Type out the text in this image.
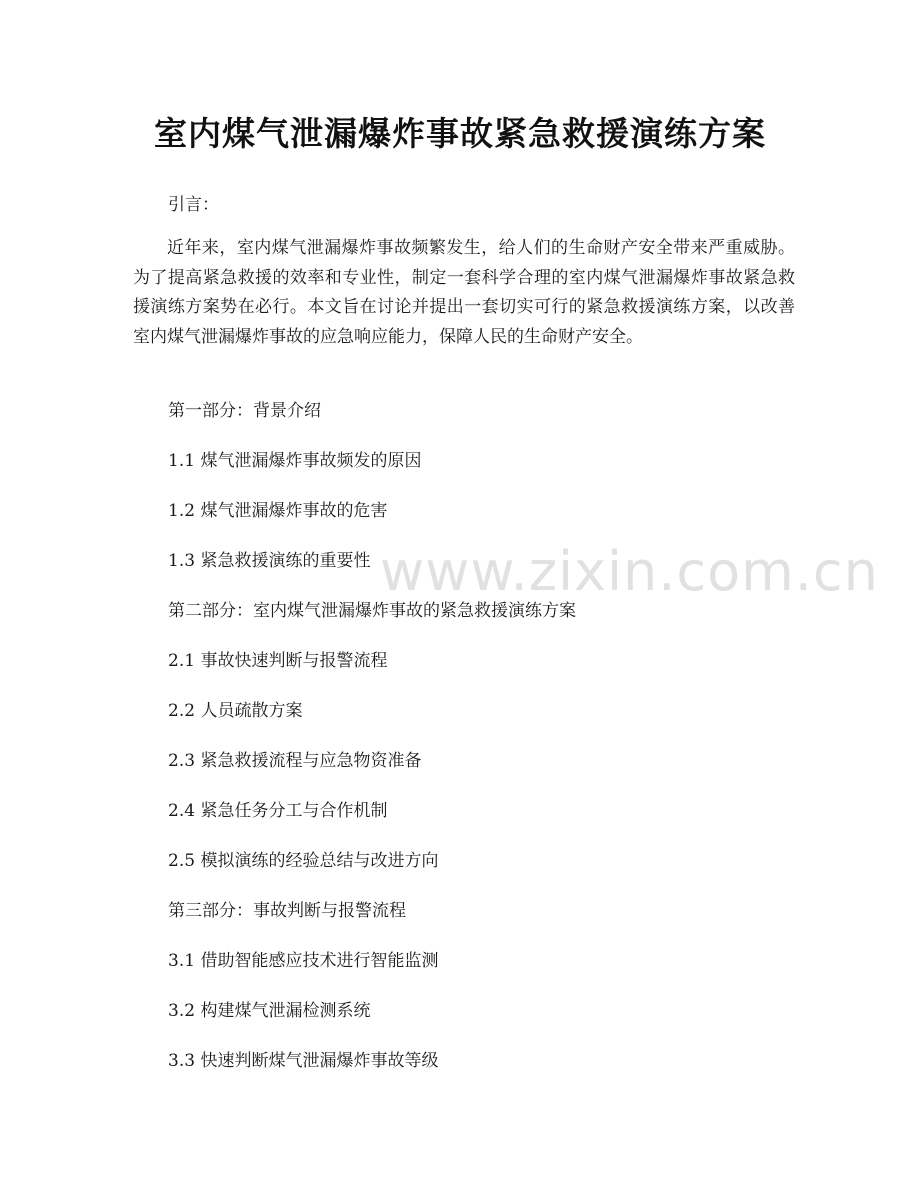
www.zixin.com.cn
室内煤气泄漏爆炸事故紧急救援演练方案
引言：
近年来，室内煤气泄漏爆炸事故频繁发生，给人们的生命财产安全带来严重威胁。为了提高紧急救援的效率和专业性，制定一套科学合理的室内煤气泄漏爆炸事故紧急救援演练方案势在必行。本文旨在讨论并提出一套切实可行的紧急救援演练方案，以改善室内煤气泄漏爆炸事故的应急响应能力，保障人民的生命财产安全。
第一部分：背景介绍
1.1 煤气泄漏爆炸事故频发的原因
1.2 煤气泄漏爆炸事故的危害
1.3 紧急救援演练的重要性
第二部分：室内煤气泄漏爆炸事故的紧急救援演练方案
2.1 事故快速判断与报警流程
2.2 人员疏散方案
2.3 紧急救援流程与应急物资准备
2.4 紧急任务分工与合作机制
2.5 模拟演练的经验总结与改进方向
第三部分：事故判断与报警流程
3.1 借助智能感应技术进行智能监测
3.2 构建煤气泄漏检测系统
3.3 快速判断煤气泄漏爆炸事故等级
